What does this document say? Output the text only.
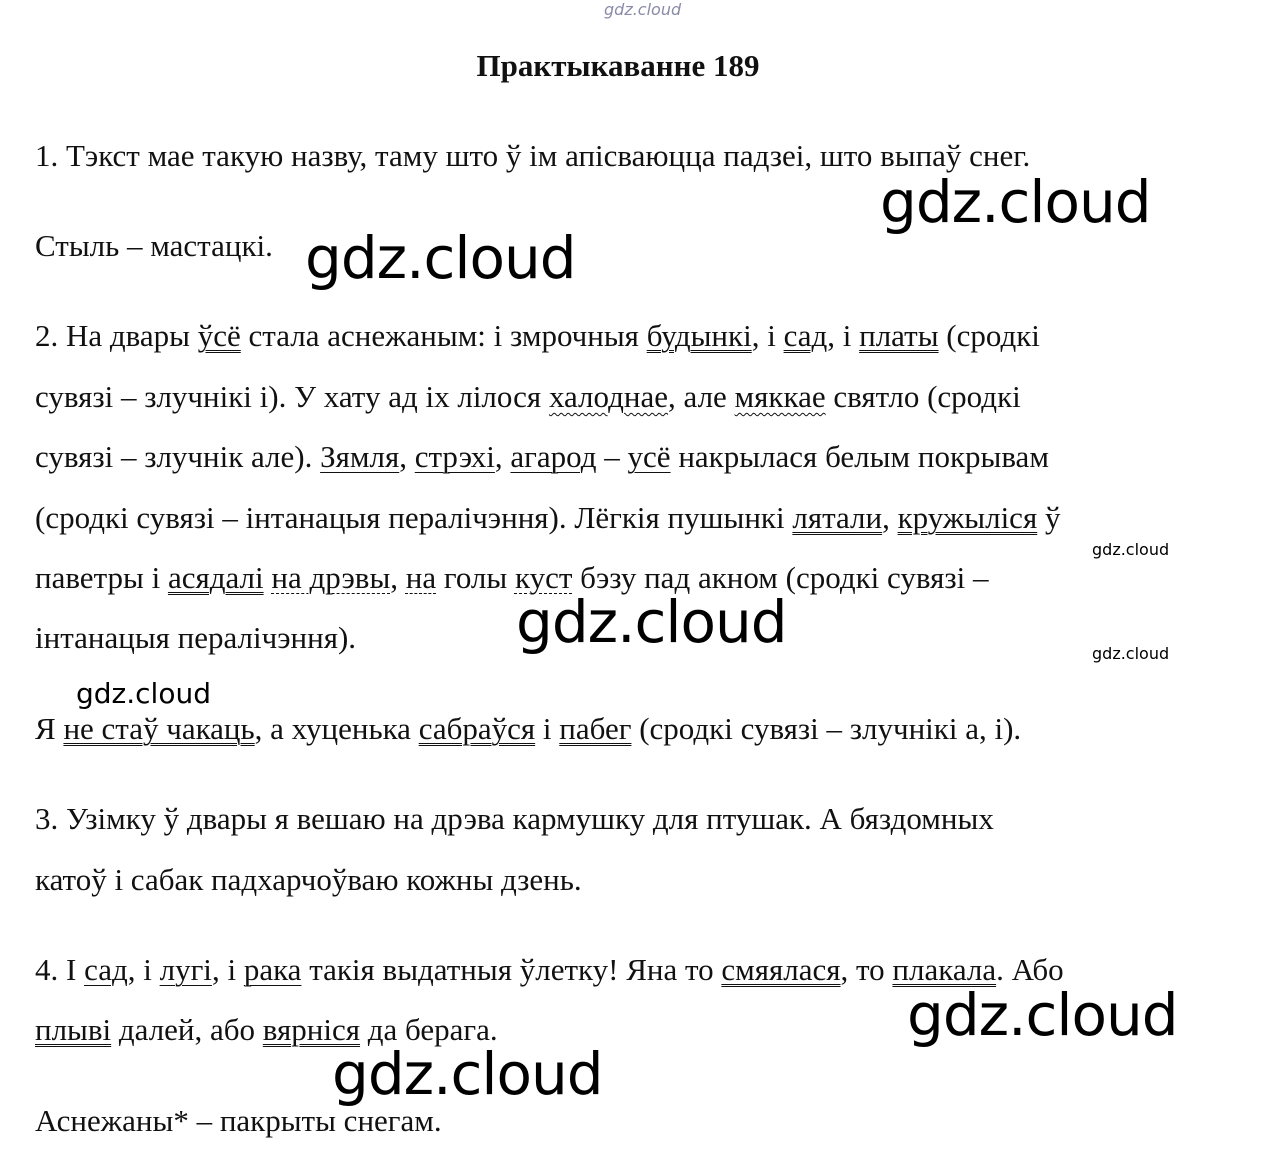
gdz.cloud

Практыкаванне 189

1. Тэкст мае такую назву, таму што ў ім апісваюцца падзеі, што выпаў снег.

Стыль – мастацкі.

2. На двары ўсё стала аснежаным: і змрочныя будынкі, і сад, і платы (сродкі

сувязі – злучнікі і). У хату ад іх лілося халоднае, але мяккае святло (сродкі

сувязі – злучнік але). Зямля, стрэхі, агарод – усё накрылася белым покрывам

(сродкі сувязі – інтанацыя пералічэння). Лёгкія пушынкі лятали, кружыліся ў

паветры і асядалі на дрэвы, на голы куст бэзу пад акном (сродкі сувязі –

інтанацыя пералічэння).

Я не стаў чакаць, а хуценька сабраўся і пабег (сродкі сувязі – злучнікі а, і).

3. Узімку ў двары я вешаю на дрэва кармушку для птушак. А бяздомных

катоў і сабак падхарчоўваю кожны дзень.

4. І сад, і лугі, і рака такія выдатныя ўлетку! Яна то смяялася, то плакала. Або

плыві далей, або вярніся да берага.

Аснежаны* – пакрыты снегам.

gdz.cloud

gdz.cloud

gdz.cloud

gdz.cloud	gdz.cloud

gdz.cloud

gdz.cloud

gdz.cloud
